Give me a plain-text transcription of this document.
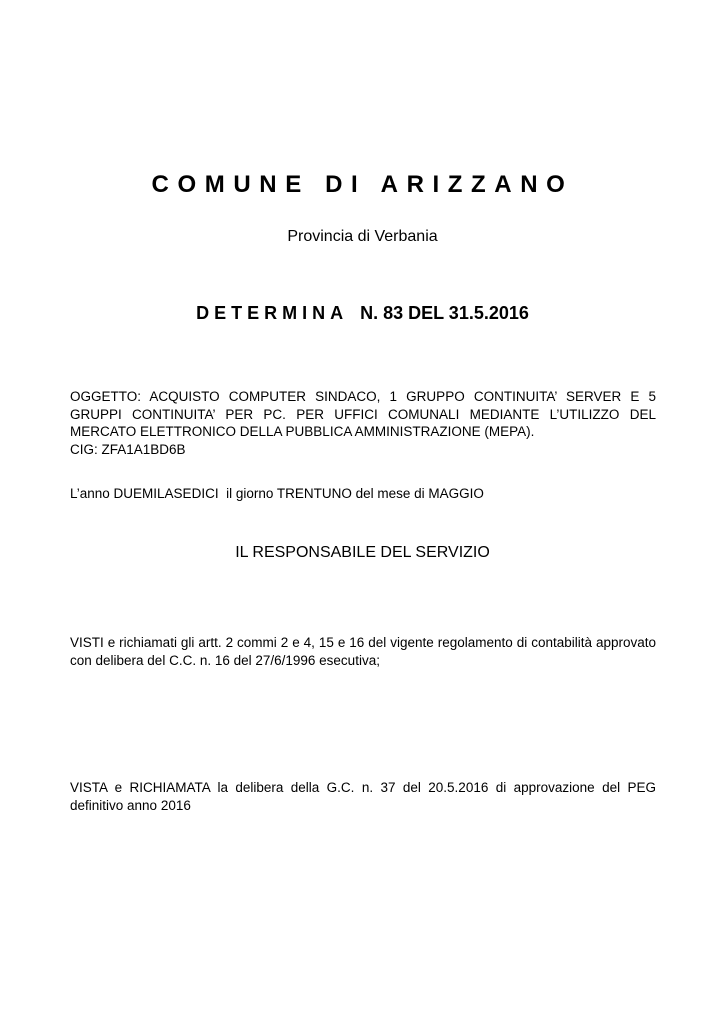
COMUNE DI ARIZZANO
Provincia di Verbania
DETERMINA N. 83 DEL 31.5.2016
OGGETTO: ACQUISTO COMPUTER SINDACO, 1 GRUPPO CONTINUITA’ SERVER E 5
GRUPPI CONTINUITA’ PER PC. PER UFFICI COMUNALI MEDIANTE L’UTILIZZO DEL
MERCATO ELETTRONICO DELLA PUBBLICA AMMINISTRAZIONE (MEPA).
CIG: ZFA1A1BD6B
L’anno DUEMILASEDICI  il giorno TRENTUNO del mese di MAGGIO
IL RESPONSABILE DEL SERVIZIO
VISTI e richiamati gli artt. 2 commi 2 e 4, 15 e 16 del vigente regolamento di contabilità approvato con delibera del C.C. n. 16 del 27/6/1996 esecutiva;
VISTA e RICHIAMATA la delibera della G.C. n. 37 del 20.5.2016 di approvazione del PEG definitivo anno 2016
